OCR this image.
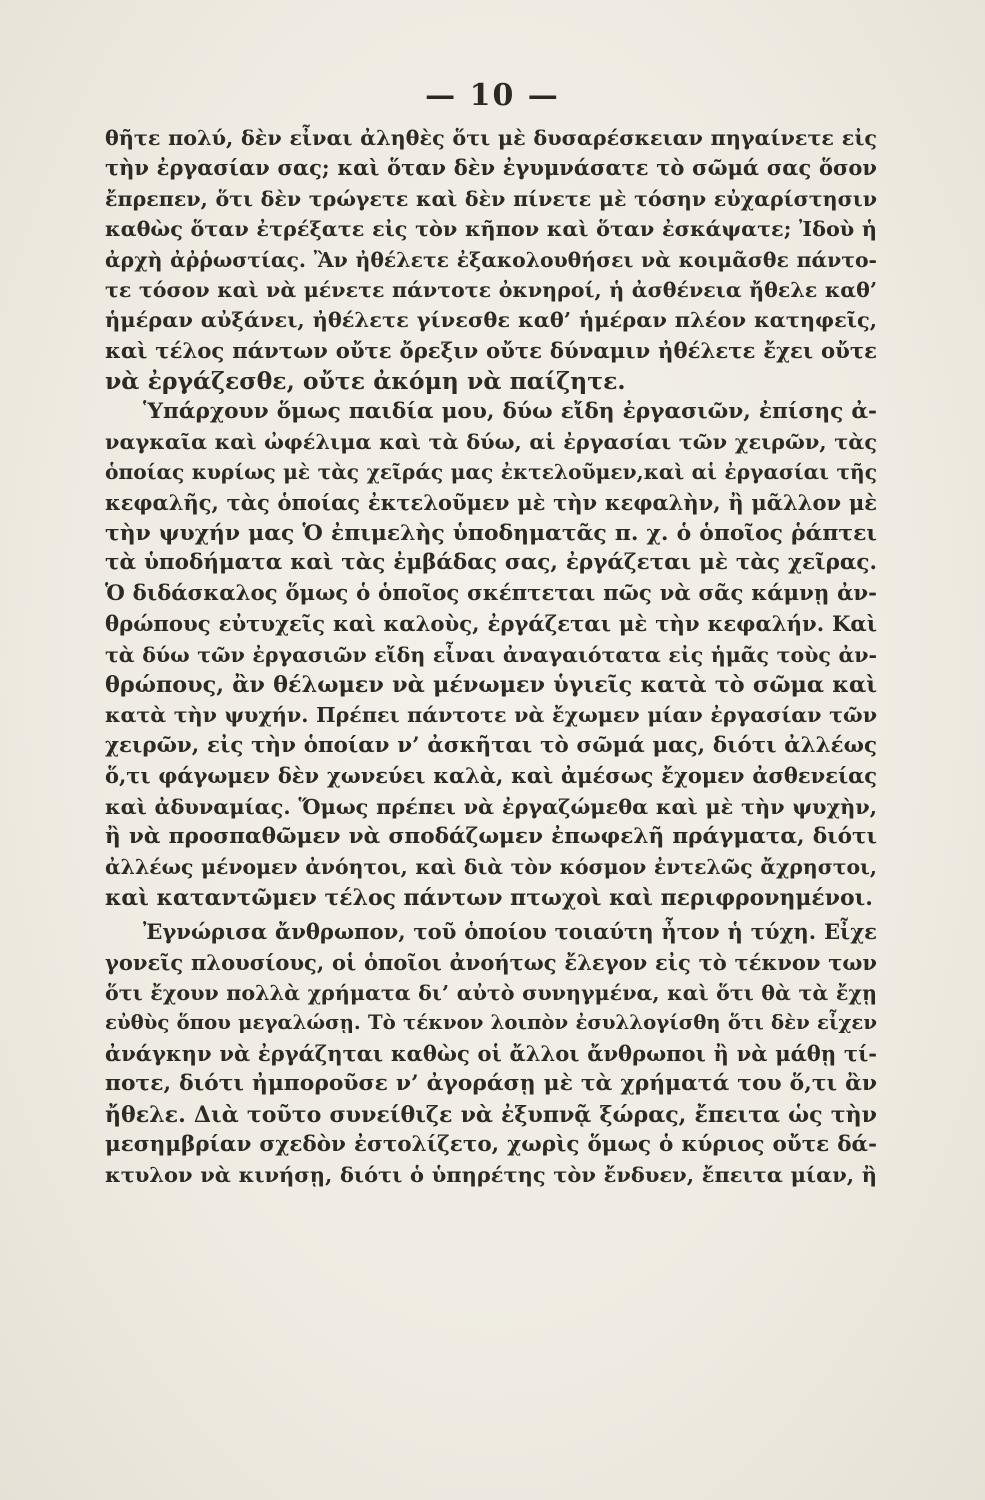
— 10 —
θῆτε πολύ, δὲν εἶναι ἀληθὲς ὅτι μὲ δυσαρέσκειαν πηγαίνετε εἰς
τὴν ἐργασίαν σας; καὶ ὅταν δὲν ἐγυμνάσατε τὸ σῶμά σας ὅσον
ἔπρεπεν, ὅτι δὲν τρώγετε καὶ δὲν πίνετε μὲ τόσην εὐχαρίστησιν
καθὼς ὅταν ἐτρέξατε εἰς τὸν κῆπον καὶ ὅταν ἐσκάψατε; Ἰδοὺ ἡ
ἀρχὴ ἀῤῥωστίας. Ἂν ἠθέλετε ἐξακολουθήσει νὰ κοιμᾶσθε πάντο-
τε τόσον καὶ νὰ μένετε πάντοτε ὀκνηροί, ἡ ἀσθένεια ἤθελε καθ’
ἡμέραν αὐξάνει, ἠθέλετε γίνεσθε καθ’ ἡμέραν πλέον κατηφεῖς,
καὶ τέλος πάντων οὔτε ὄρεξιν οὔτε δύναμιν ἠθέλετε ἔχει οὔτε
νὰ ἐργάζεσθε, οὔτε ἀκόμη νὰ παίζητε.
Ὑπάρχουν ὅμως παιδία μου, δύω εἴδη ἐργασιῶν, ἐπίσης ἀ-
ναγκαῖα καὶ ὠφέλιμα καὶ τὰ δύω, αἱ ἐργασίαι τῶν χειρῶν, τὰς
ὁποίας κυρίως μὲ τὰς χεῖράς μας ἐκτελοῦμεν,καὶ αἱ ἐργασίαι τῆς
κεφαλῆς, τὰς ὁποίας ἐκτελοῦμεν μὲ τὴν κεφαλὴν, ἢ μᾶλλον μὲ
τὴν ψυχήν μας Ὁ ἐπιμελὴς ὑποδηματᾶς π. χ. ὁ ὁποῖος ῥάπτει
τὰ ὑποδήματα καὶ τὰς ἐμβάδας σας, ἐργάζεται μὲ τὰς χεῖρας.
Ὁ διδάσκαλος ὅμως ὁ ὁποῖος σκέπτεται πῶς νὰ σᾶς κάμνῃ ἀν-
θρώπους εὐτυχεῖς καὶ καλοὺς, ἐργάζεται μὲ τὴν κεφαλήν. Καὶ
τὰ δύω τῶν ἐργασιῶν εἴδη εἶναι ἀναγαιότατα εἰς ἡμᾶς τοὺς ἀν-
θρώπους, ἂν θέλωμεν νὰ μένωμεν ὑγιεῖς κατὰ τὸ σῶμα καὶ
κατὰ τὴν ψυχήν. Πρέπει πάντοτε νὰ ἔχωμεν μίαν ἐργασίαν τῶν
χειρῶν, εἰς τὴν ὁποίαν ν’ ἀσκῆται τὸ σῶμά μας, διότι ἀλλέως
ὅ,τι φάγωμεν δὲν χωνεύει καλὰ, καὶ ἀμέσως ἔχομεν ἀσθενείας
καὶ ἀδυναμίας. Ὅμως πρέπει νὰ ἐργαζώμεθα καὶ μὲ τὴν ψυχὴν,
ἢ νὰ προσπαθῶμεν νὰ σποδάζωμεν ἐπωφελῆ πράγματα, διότι
ἀλλέως μένομεν ἀνόητοι, καὶ διὰ τὸν κόσμον ἐντελῶς ἄχρηστοι,
καὶ καταντῶμεν τέλος πάντων πτωχοὶ καὶ περιφρονημένοι.
Ἐγνώρισα ἄνθρωπον, τοῦ ὁποίου τοιαύτη ἦτον ἡ τύχη. Εἶχε
γονεῖς πλουσίους, οἱ ὁποῖοι ἀνοήτως ἔλεγον εἰς τὸ τέκνον των
ὅτι ἔχουν πολλὰ χρήματα δι’ αὐτὸ συνηγμένα, καὶ ὅτι θὰ τὰ ἔχῃ
εὐθὺς ὅπου μεγαλώσῃ. Τὸ τέκνον λοιπὸν ἐσυλλογίσθη ὅτι δὲν εἶχεν
ἀνάγκην νὰ ἐργάζηται καθὼς οἱ ἄλλοι ἄνθρωποι ἢ νὰ μάθῃ τί-
ποτε, διότι ἠμποροῦσε ν’ ἀγοράσῃ μὲ τὰ χρήματά του ὅ,τι ἂν
ἤθελε. Διὰ τοῦτο συνείθιζε νὰ ἐξυπνᾷ ξώρας, ἔπειτα ὡς τὴν
μεσημβρίαν σχεδὸν ἐστολίζετο, χωρὶς ὅμως ὁ κύριος οὔτε δά-
κτυλον νὰ κινήσῃ, διότι ὁ ὑπηρέτης τὸν ἔνδυεν, ἔπειτα μίαν, ἢ
